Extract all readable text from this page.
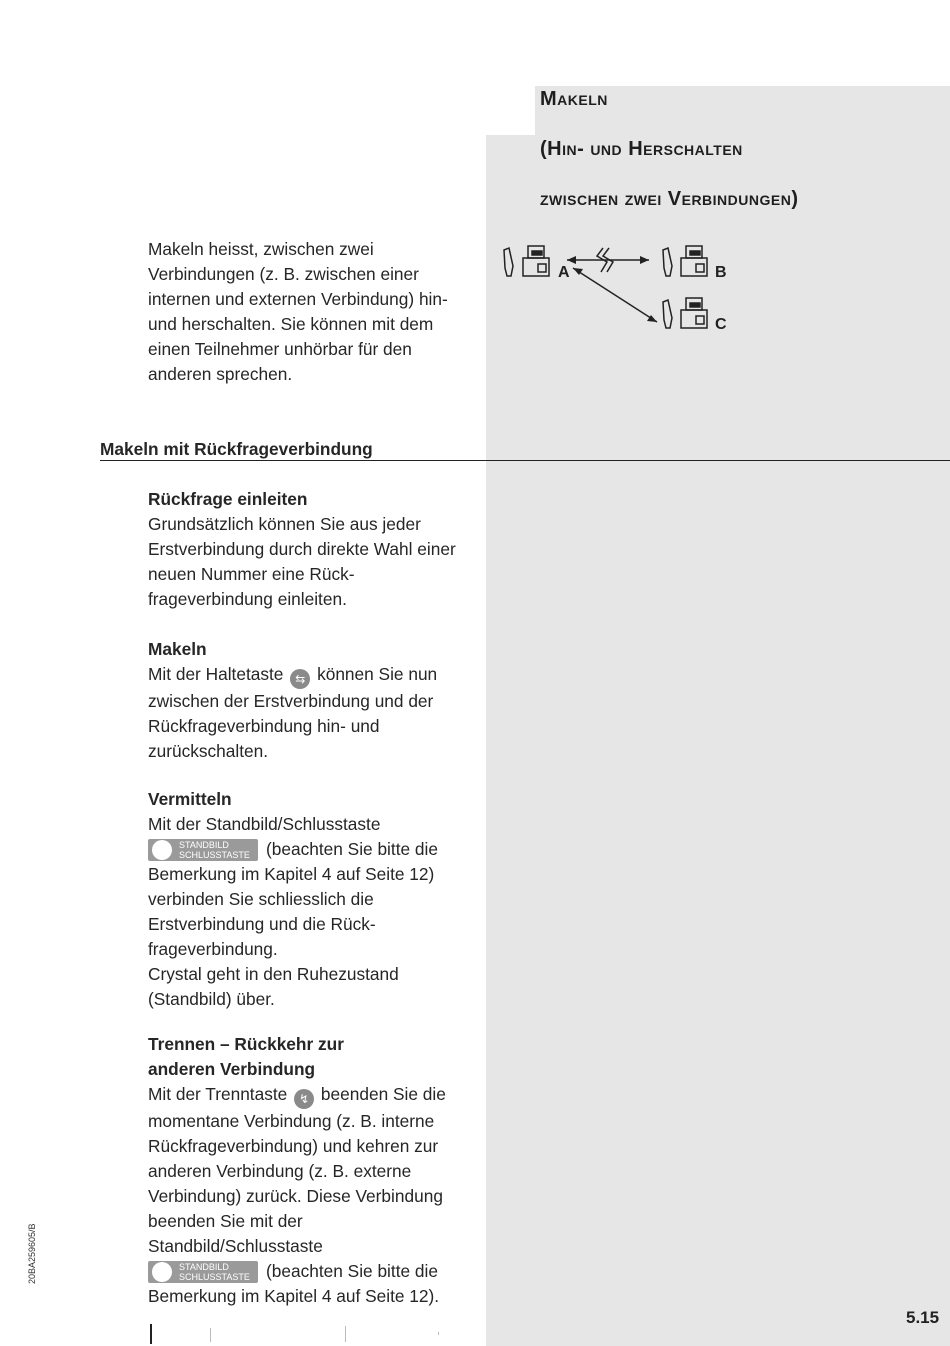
Makeln
(Hin- und Herschalten
zwischen zwei Verbindungen)
Makeln heisst, zwischen zwei Verbindungen (z. B. zwischen einer internen und externen Verbindung) hin- und herschalten. Sie können mit dem einen Teilnehmer unhörbar für den anderen sprechen.
A	B
C
Makeln mit Rückfrageverbindung
Rückfrage einleiten
Grundsätzlich können Sie aus jeder Erstverbindung durch direkte Wahl einer neuen Nummer eine Rück-frageverbindung einleiten.
Makeln
Mit der Haltetaste ⇆ können Sie nun zwischen der Erstverbindung und der Rückfrageverbindung hin- und zurückschalten.
Vermitteln
Mit der Standbild/Schlusstaste
STANDBILD
SCHLUSSTASTE (beachten Sie bitte die Bemerkung im Kapitel 4 auf Seite 12) verbinden Sie schliesslich die Erstverbindung und die Rück-frageverbindung.
Crystal geht in den Ruhezustand (Standbild) über.
Trennen – Rückkehr zur
anderen Verbindung
Mit der Trenntaste ↯ beenden Sie die momentane Verbindung (z. B. interne Rückfrageverbindung) und kehren zur anderen Verbindung (z. B. externe Verbindung) zurück. Diese Verbindung beenden Sie mit der Standbild/Schlusstaste
STANDBILD
SCHLUSSTASTE (beachten Sie bitte die Bemerkung im Kapitel 4 auf Seite 12).
20BA259605/B
5.15
